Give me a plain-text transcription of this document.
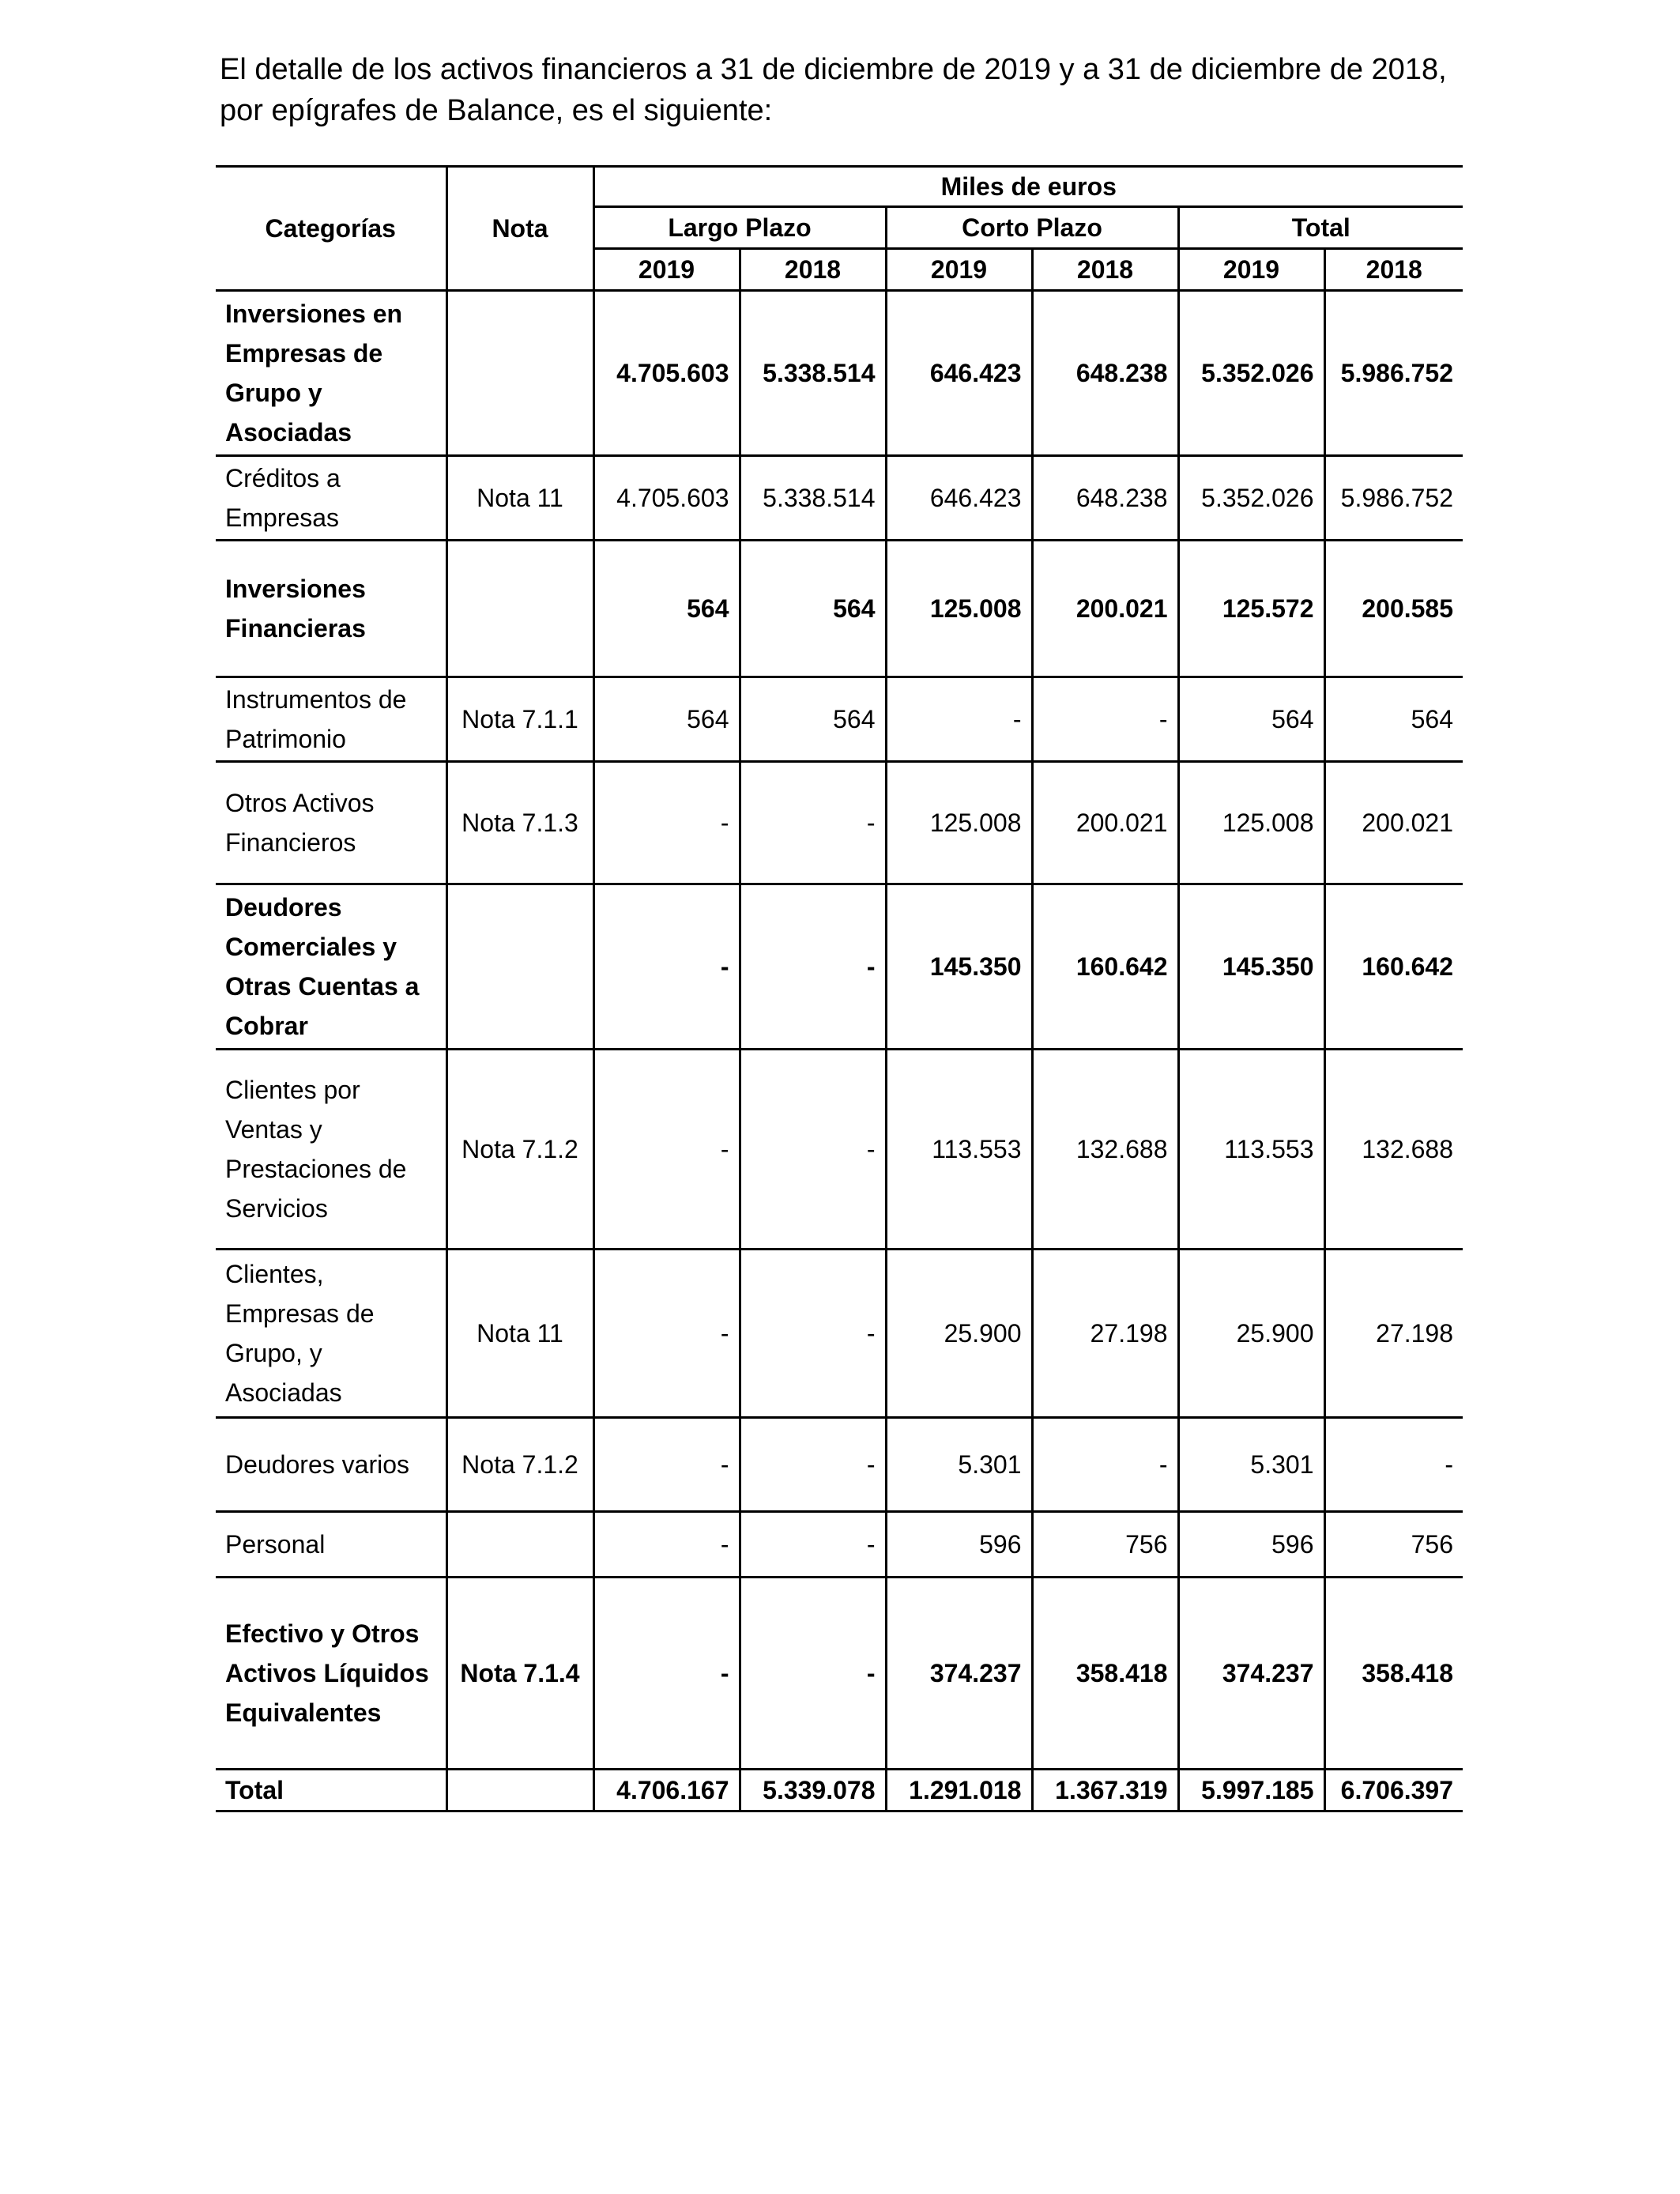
El detalle de los activos financieros a 31 de diciembre de 2019 y a 31 de diciembre de 2018,
por epígrafes de Balance, es el siguiente:

Categorías	Nota	Miles de euros					
		Largo Plazo		Corto Plazo		Total	
		2019	2018	2019	2018	2019	2018
Inversiones en Empresas de Grupo y Asociadas		4.705.603	5.338.514	646.423	648.238	5.352.026	5.986.752
Créditos a Empresas	Nota 11	4.705.603	5.338.514	646.423	648.238	5.352.026	5.986.752
Inversiones Financieras		564	564	125.008	200.021	125.572	200.585
Instrumentos de Patrimonio	Nota 7.1.1	564	564	-	-	564	564
Otros Activos Financieros	Nota 7.1.3	-	-	125.008	200.021	125.008	200.021
Deudores Comerciales y Otras Cuentas a Cobrar		-	-	145.350	160.642	145.350	160.642
Clientes por Ventas y Prestaciones de Servicios	Nota 7.1.2	-	-	113.553	132.688	113.553	132.688
Clientes, Empresas de Grupo, y Asociadas	Nota 11	-	-	25.900	27.198	25.900	27.198
Deudores varios	Nota 7.1.2	-	-	5.301	-	5.301	-
Personal		-	-	596	756	596	756
Efectivo y Otros Activos Líquidos Equivalentes	Nota 7.1.4	-	-	374.237	358.418	374.237	358.418
Total		4.706.167	5.339.078	1.291.018	1.367.319	5.997.185	6.706.397
